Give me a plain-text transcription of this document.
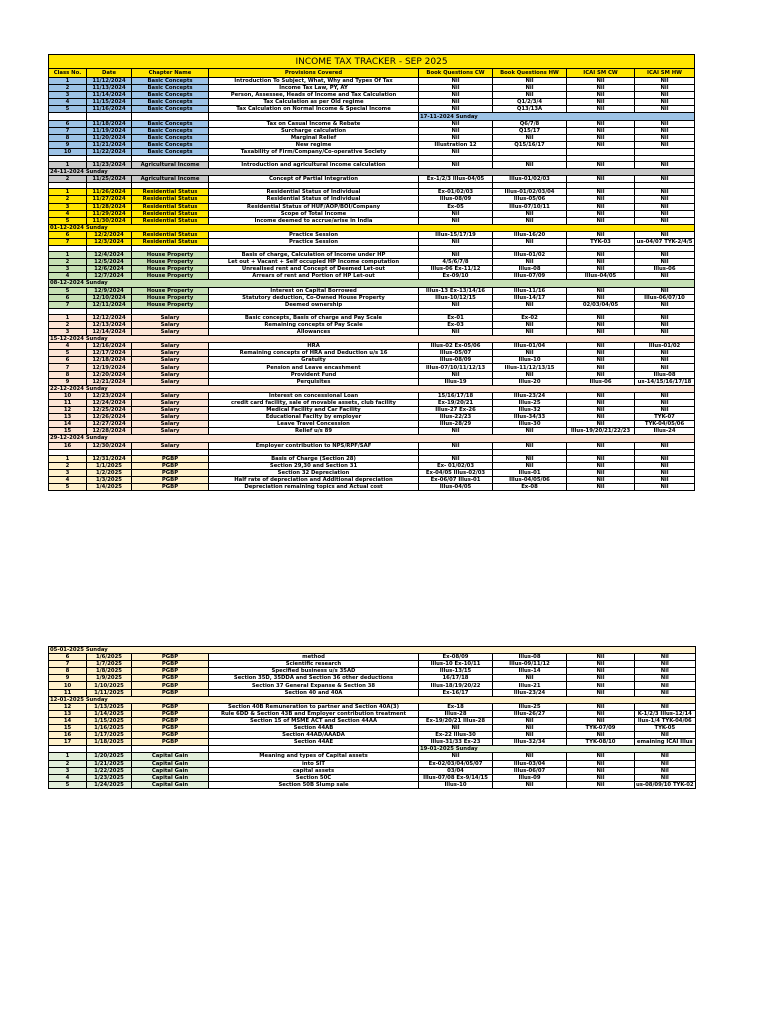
INCOME TAX TRACKER - SEP 2025							
Class No.	Date	Chapter Name	Provisions Covered	Book Questions CW	Book Questions HW	ICAI SM CW	ICAI SM HW
1	11/12/2024	Basic Concepts	Introduction To Subject, What, Why and Types Of Tax	Nil	Nil	Nil	Nil
2	11/13/2024	Basic Concepts	Income Tax Law, PY, AY	Nil	Nil	Nil	Nil
3	11/14/2024	Basic Concepts	Person, Assessee, Heads of Income and Tax Calculation	Nil	Nil	Nil	Nil
4	11/15/2024	Basic Concepts	Tax Calculation as per Old regime	Nil	Q1/2/3/4	Nil	Nil
5	11/16/2024	Basic Concepts	Tax Calculation on Normal Income & Special Income	Nil	Q13/13A	Nil	Nil
				17-11-2024 Sunday			
6	11/18/2024	Basic Concepts	Tax on Casual Income & Rebate	Nil	Q6/7/8	Nil	Nil
7	11/19/2024	Basic Concepts	Surcharge calculation	Nil	Q15/17	Nil	Nil
8	11/20/2024	Basic Concepts	Marginal Relief	Nil	Nil	Nil	Nil
9	11/21/2024	Basic Concepts	New regime	Illustration 12	Q15/16/17	Nil	Nil
10	11/22/2024	Basic Concepts	Taxability of Firm/Company/Co-operative Society	Nil			

1	11/23/2024	Agricultural Income	Introduction and agricultural income calculation	Nil	Nil	Nil	Nil
24-11-2024 Sunday							
2	11/25/2024	Agricultural Income	Concept of Partial Integration	Ex-1/2/3 Illus-04/05	Illus-01/02/03	Nil	Nil

1	11/26/2024	Residential Status	Residential Status of Individual	Ex-01/02/03	Illus-01/02/03/04	Nil	Nil
2	11/27/2024	Residential Status	Residential Status of Individual	Illus-08/09	Illus-05/06	Nil	Nil
3	11/28/2024	Residential Status	Residential Status of HUF/AOP/BOI/Company	Ex-05	Illus-07/10/11	Nil	Nil
4	11/29/2024	Residential Status	Scope of Total Income	Nil	Nil	Nil	Nil
5	11/30/2024	Residential Status	Income deemed to accrue/arise in India	Nil	Nil	Nil	Nil
01-12-2024 Sunday							
6	12/2/2024	Residential Status	Practice Session	Illus-15/17/19	Illus-16/20	Nil	Nil
7	12/3/2024	Residential Status	Practice Session	Nil	Nil	TYK-03	us-04/07 TYK-2/4/5

1	12/4/2024	House Property	Basis of charge, Calculation of Income under HP	Nil	Illus-01/02	Nil	Nil
2	12/5/2024	House Property	Let out + Vacant + Self occupied HP Income computation	4/5/6/7/8	Nil	Nil	Nil
3	12/6/2024	House Property	Unrealised rent and Concept of Deemed Let-out	Illus-06 Ex-11/12	Illus-08	Nil	Illus-06
4	12/7/2024	House Property	Arrears of rent and Portion of HP Let-out	Ex-09/10	Illus-07/09	Illus-04/05	Nil
08-12-2024 Sunday							
5	12/9/2024	House Property	Interest on Capital Borrowed	Illus-13 Ex-13/14/16	Illus-11/16	Nil	Nil
6	12/10/2024	House Property	Statutory deduction, Co-Owned House Property	Illus-10/12/15	Illus-14/17	Nil	Illus-06/07/10
7	12/11/2024	House Property	Deemed ownership	Nil	Nil	02/03/04/05	Nil

1	12/12/2024	Salary	Basic concepts, Basis of charge and Pay Scale	Ex-01	Ex-02	Nil	Nil
2	12/13/2024	Salary	Remaining concepts of Pay Scale	Ex-03	Nil	Nil	Nil
3	12/14/2024	Salary	Allowances	Nil	Nil	Nil	Nil
15-12-2024 Sunday							
4	12/16/2024	Salary	HRA	Illus-02 Ex-05/06	Illus-01/04	Nil	Illus-01/02
5	12/17/2024	Salary	Remaining concepts of HRA and Deduction u/s 16	Illus-05/07	Nil	Nil	Nil
6	12/18/2024	Salary	Gratuity	Illus-08/09	Illus-10	Nil	Nil
7	12/19/2024	Salary	Pension and Leave encashment	Illus-07/10/11/12/13	Illus-11/12/13/15	Nil	Nil
8	12/20/2024	Salary	Provident Fund	Nil	Nil	Nil	Illus-08
9	12/21/2024	Salary	Perquisites	Illus-19	Illus-20	Illus-06	us-14/15/16/17/18
22-12-2024 Sunday							
10	12/23/2024	Salary	Interest on concessional Loan	15/16/17/18	Illus-23/24	Nil	Nil
11	12/24/2024	Salary	credit card facility, sale of movable assets, club facility	Ex-19/20/21	Illus-25	Nil	Nil
12	12/25/2024	Salary	Medical Facility and Car Facility	Illus-27 Ex-26	Illus-32	Nil	Nil
13	12/26/2024	Salary	Educational Facilty by employer	Illus-22/23	Illus-34/33	Nil	TYK-07
14	12/27/2024	Salary	Leave Travel Concession	Illus-28/29	Illus-30	Nil	TYK-04/05/06
15	12/28/2024	Salary	Relief u/s 89	Nil	Nil	Illus-19/20/21/22/23	Illus-24
29-12-2024 Sunday							
16	12/30/2024	Salary	Employer contribution to NPS/RPF/SAF	Nil	Nil	Nil	Nil

1	12/31/2024	PGBP	Basis of Charge (Section 28)	Nil	Nil	Nil	Nil
2	1/1/2025	PGBP	Section 29,30 and Section 31	Ex- 01/02/03	Nil	Nil	Nil
3	1/2/2025	PGBP	Section 32 Depreciation	Ex-04/05 Illus-02/03	Illus-01	Nil	Nil
4	1/3/2025	PGBP	Half rate of depreciation and Additional depreciation	Ex-06/07 Illus-01	Illus-04/05/06	Nil	Nil
5	1/4/2025	PGBP	Depreciation remaining topics and Actual cost	Illus-04/05	Ex-08	Nil	Nil
05-01-2025 Sunday							
6	1/6/2025	PGBP	method	Ex-08/09	Illus-08	Nil	Nil
7	1/7/2025	PGBP	Scientific research	Illus-10 Ex-10/11	Illus-09/11/12	Nil	Nil
8	1/8/2025	PGBP	Specified business u/s 35AD	Illus-13/15	Illus-14	Nil	Nil
9	1/9/2025	PGBP	Section 35D, 35DDA and Section 36 other deductions	16/17/18	Nil	Nil	Nil
10	1/10/2025	PGBP	Section 37 General Expanse & Section 38	Illus-18/19/20/22	Illus-21	Nil	Nil
11	1/11/2025	PGBP	Section 40 and 40A	Ex-16/17	Illus-23/24	Nil	Nil
12-01-2025 Sunday							
12	1/13/2025	PGBP	Section 40B Remuneration to partner and Section 40A(3)	Ex-18	Illus-25	Nil	Nil
13	1/14/2025	PGBP	Rule 6DD & Section 43B and Employer contribution treatment	Illus-28	Illus-26/27	Nil	K-1/2/3 Illus-12/14
14	1/15/2025	PGBP	Section 15 of MSME ACT and Section 44AA	Ex-19/20/21 Illus-28	Nil	Nil	llus-1/4 TYK-04/06
15	1/16/2025	PGBP	Section 44AB	Nil	Nil	TYK-07/09	TYK-05
16	1/17/2025	PGBP	Section 44AD/AAADA	Ex-22 Illus-30	Nil	Nil	Nil
17	1/18/2025	PGBP	Section 44AE	Illus-31/33 Ex-23	Illus-32/34	TYK-08/10	emaining ICAI Illus
				19-01-2025 Sunday			
1	1/20/2025	Capital Gain	Meaning and types of Capital assets	Nil	Nil	Nil	Nil
2	1/21/2025	Capital Gain	into SIT	Ex-02/03/04/05/07	Illus-03/04	Nil	Nil
3	1/22/2025	Capital Gain	capital assets	03/04	Illus-06/07	Nil	Nil
4	1/23/2025	Capital Gain	Section 50C	Illus-07/08 Ex-9/14/15	Illus-09	Nil	Nil
5	1/24/2025	Capital Gain	Section 50B Slump sale	Illus-10	Nil	Nil	us-08/09/10 TYK-02
